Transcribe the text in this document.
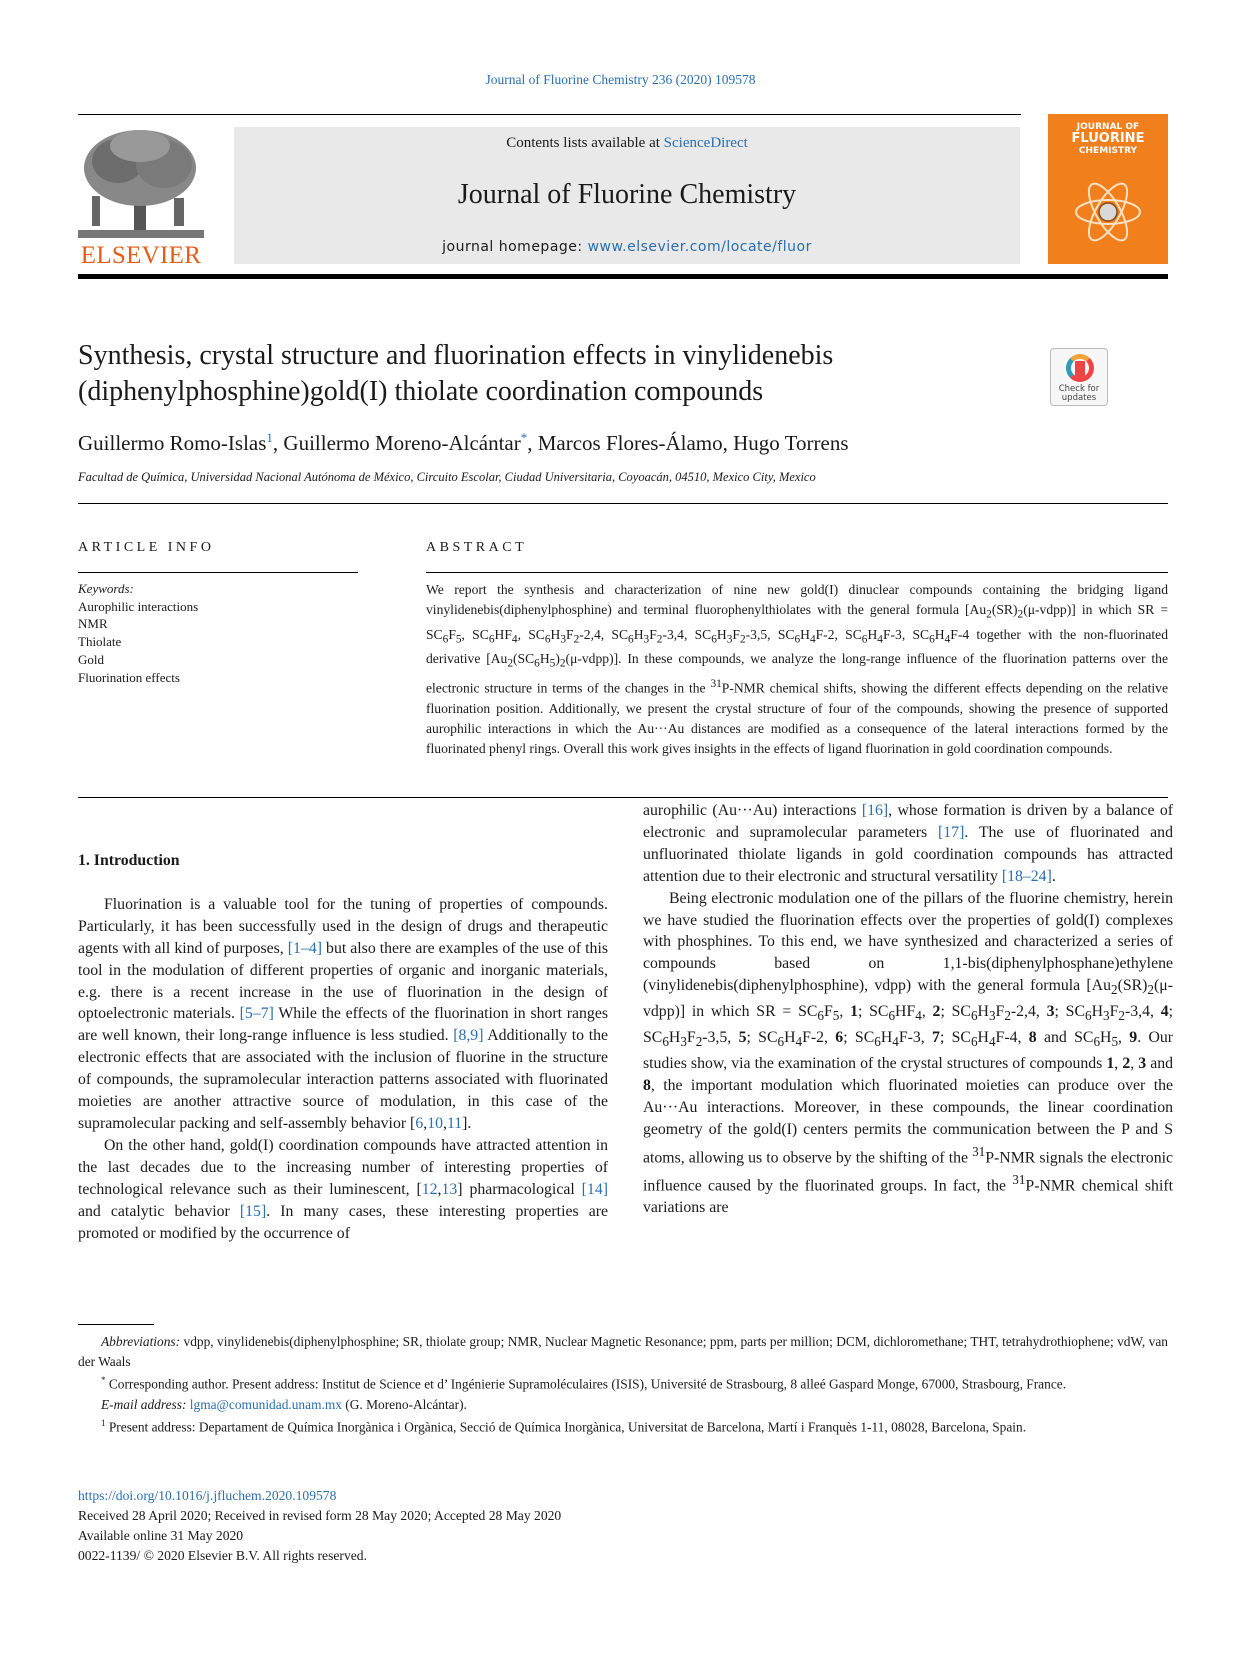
Journal of Fluorine Chemistry 236 (2020) 109578
ELSEVIER
Contents lists available at ScienceDirect
Journal of Fluorine Chemistry
journal homepage: www.elsevier.com/locate/fluor
JOURNAL OF
FLUORINE
CHEMISTRY
Synthesis, crystal structure and fluorination effects in vinylidenebis
(diphenylphosphine)gold(I) thiolate coordination compounds	Check for updates
Guillermo Romo-Islas$^1$, Guillermo Moreno-Alcántar*, Marcos Flores-Álamo, Hugo Torrens
Facultad de Química, Universidad Nacional Autónoma de México, Circuito Escolar, Ciudad Universitaria, Coyoacán, 04510, Mexico City, Mexico
ARTICLE INFO	ABSTRACT
Keywords:
Aurophilic interactions
NMR
Thiolate
Gold
Fluorination effects
We report the synthesis and characterization of nine new gold(I) dinuclear compounds containing the bridging ligand vinylidenebis(diphenylphosphine) and terminal fluorophenylthiolates with the general formula $[Au_2(SR)_2(\mu-vdpp)]$ in which SR = $SC_6F_5$, $SC_6HF_4$, $SC_6H_3F_2-2,4$, $SC_6H_3F_2-3,4$, $SC_6H_3F_2-3,5$, $SC_6H_4F-2$, $SC_6H_4F-3$, $SC_6H_4F-4$ together with the non-fluorinated derivative $[Au_2(SC_6H_5)_2(\mu-vdpp)]$. In these compounds, we analyze the long-range influence of the fluorination patterns over the electronic structure in terms of the changes in the $^{31}$P-NMR chemical shifts, showing the different effects depending on the relative fluorination position. Additionally, we present the crystal structure of four of the compounds, showing the presence of supported aurophilic interactions in which the Au···Au distances are modified as a consequence of the lateral interactions formed by the fluorinated phenyl rings. Overall this work gives insights in the effects of ligand fluorination in gold coordination compounds.
1. Introduction

Fluorination is a valuable tool for the tuning of properties of compounds. Particularly, it has been successfully used in the design of drugs and therapeutic agents with all kind of purposes, [1–4] but also there are examples of the use of this tool in the modulation of different properties of organic and inorganic materials, e.g. there is a recent increase in the use of fluorination in the design of optoelectronic materials. [5–7] While the effects of the fluorination in short ranges are well known, their long-range influence is less studied. [8,9] Additionally to the electronic effects that are associated with the inclusion of fluorine in the structure of compounds, the supramolecular interaction patterns associated with fluorinated moieties are another attractive source of modulation, in this case of the supramolecular packing and self-assembly behavior [6,10,11].

On the other hand, gold(I) coordination compounds have attracted attention in the last decades due to the increasing number of interesting properties of technological relevance such as their luminescent, [12,13] pharmacological [14] and catalytic behavior [15]. In many cases, these interesting properties are promoted or modified by the occurrence of

aurophilic (Au···Au) interactions [16], whose formation is driven by a balance of electronic and supramolecular parameters [17]. The use of fluorinated and unfluorinated thiolate ligands in gold coordination compounds has attracted attention due to their electronic and structural versatility [18–24].

Being electronic modulation one of the pillars of the fluorine chemistry, herein we have studied the fluorination effects over the properties of gold(I) complexes with phosphines. To this end, we have synthesized and characterized a series of compounds based on 1,1-bis(diphenylphosphane)ethylene (vinylidenebis(diphenylphosphine), vdpp) with the general formula $[Au_2(SR)_2(\mu-vdpp)]$ in which SR = $SC_6F_5$, 1; $SC_6HF_4$, 2; $SC_6H_3F_2-2,4$, 3; $SC_6H_3F_2-3,4$, 4; $SC_6H_3F_2-3,5$, 5; $SC_6H_4F-2$, 6; $SC_6H_4F-3$, 7; $SC_6H_4F-4$, 8 and $SC_6H_5$, 9. Our studies show, via the examination of the crystal structures of compounds 1, 2, 3 and 8, the important modulation which fluorinated moieties can produce over the Au···Au interactions. Moreover, in these compounds, the linear coordination geometry of the gold(I) centers permits the communication between the P and S atoms, allowing us to observe by the shifting of the $^{31}$P-NMR signals the electronic influence caused by the fluorinated groups. In fact, the $^{31}$P-NMR chemical shift variations are

Abbreviations: vdpp, vinylidenebis(diphenylphosphine; SR, thiolate group; NMR, Nuclear Magnetic Resonance; ppm, parts per million; DCM, dichloromethane; THT, tetrahydrothiophene; vdW, van der Waals

* Corresponding author. Present address: Institut de Science et d’ Ingénierie Supramoléculaires (ISIS), Université de Strasbourg, 8 alleé Gaspard Monge, 67000, Strasbourg, France.

E-mail address: lgma@comunidad.unam.mx (G. Moreno-Alcántar).

$^1$ Present address: Departament de Química Inorgànica i Orgànica, Secció de Química Inorgànica, Universitat de Barcelona, Martí i Franquès 1-11, 08028, Barcelona, Spain.

https://doi.org/10.1016/j.jfluchem.2020.109578
Received 28 April 2020; Received in revised form 28 May 2020; Accepted 28 May 2020
Available online 31 May 2020
0022-1139/ © 2020 Elsevier B.V. All rights reserved.
